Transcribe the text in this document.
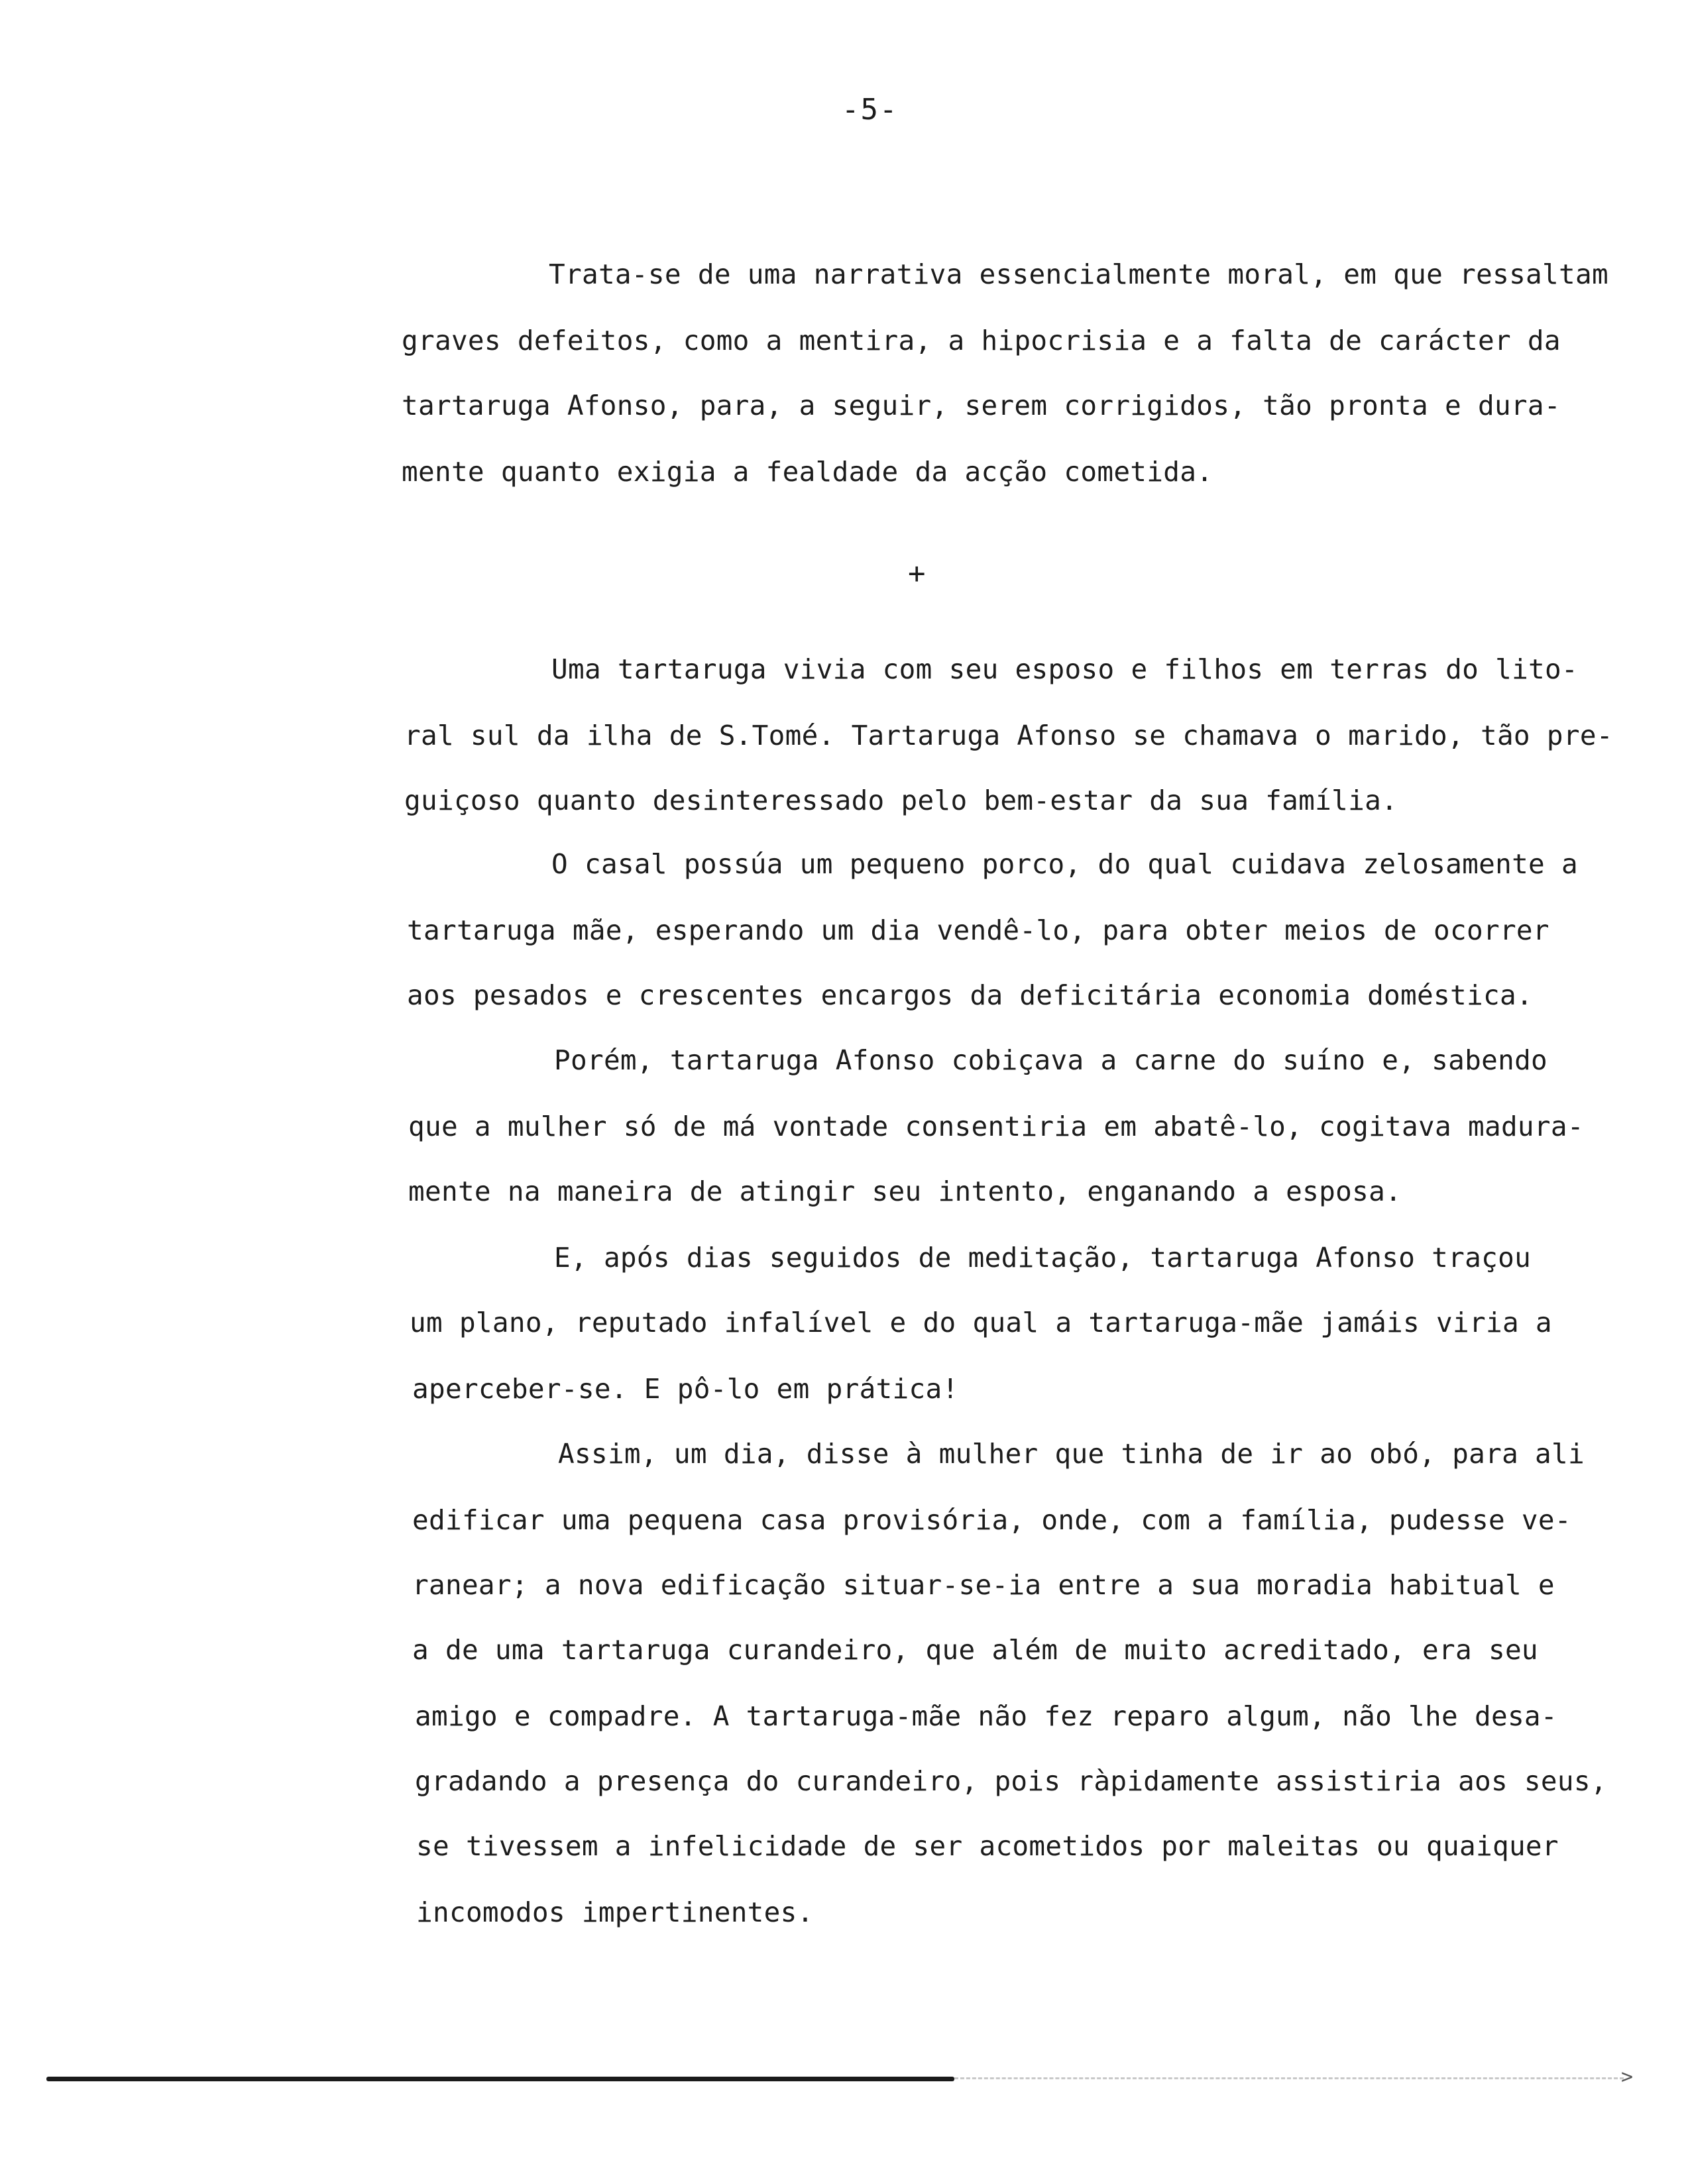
-5-
Trata-se de uma narrativa essencialmente moral, em que ressaltam
graves defeitos, como a mentira, a hipocrisia e a falta de carácter da
tartaruga Afonso, para, a seguir, serem corrigidos, tão pronta e dura-
mente quanto exigia a fealdade da acção cometida.
+
Uma tartaruga vivia com seu esposo e filhos em terras do lito-
ral sul da ilha de S.Tomé. Tartaruga Afonso se chamava o marido, tão pre-
guiçoso quanto desinteressado pelo bem-estar da sua família.
O casal possúa um pequeno porco, do qual cuidava zelosamente a
tartaruga mãe, esperando um dia vendê-lo, para obter meios de ocorrer
aos pesados e crescentes encargos da deficitária economia doméstica.
Porém, tartaruga Afonso cobiçava a carne do suíno e, sabendo
que a mulher só de má vontade consentiria em abatê-lo, cogitava madura-
mente na maneira de atingir seu intento, enganando a esposa.
E, após dias seguidos de meditação, tartaruga Afonso traçou
um plano, reputado infalível e do qual a tartaruga-mãe jamáis viria a
aperceber-se. E pô-lo em prática!
Assim, um dia, disse à mulher que tinha de ir ao obó, para ali
edificar uma pequena casa provisória, onde, com a família, pudesse ve-
ranear; a nova edificação situar-se-ia entre a sua moradia habitual e
a de uma tartaruga curandeiro, que além de muito acreditado, era seu
amigo e compadre. A tartaruga-mãe não fez reparo algum, não lhe desa-
gradando a presença do curandeiro, pois ràpidamente assistiria aos seus,
se tivessem a infelicidade de ser acometidos por maleitas ou quaiquer
incomodos impertinentes.
>
